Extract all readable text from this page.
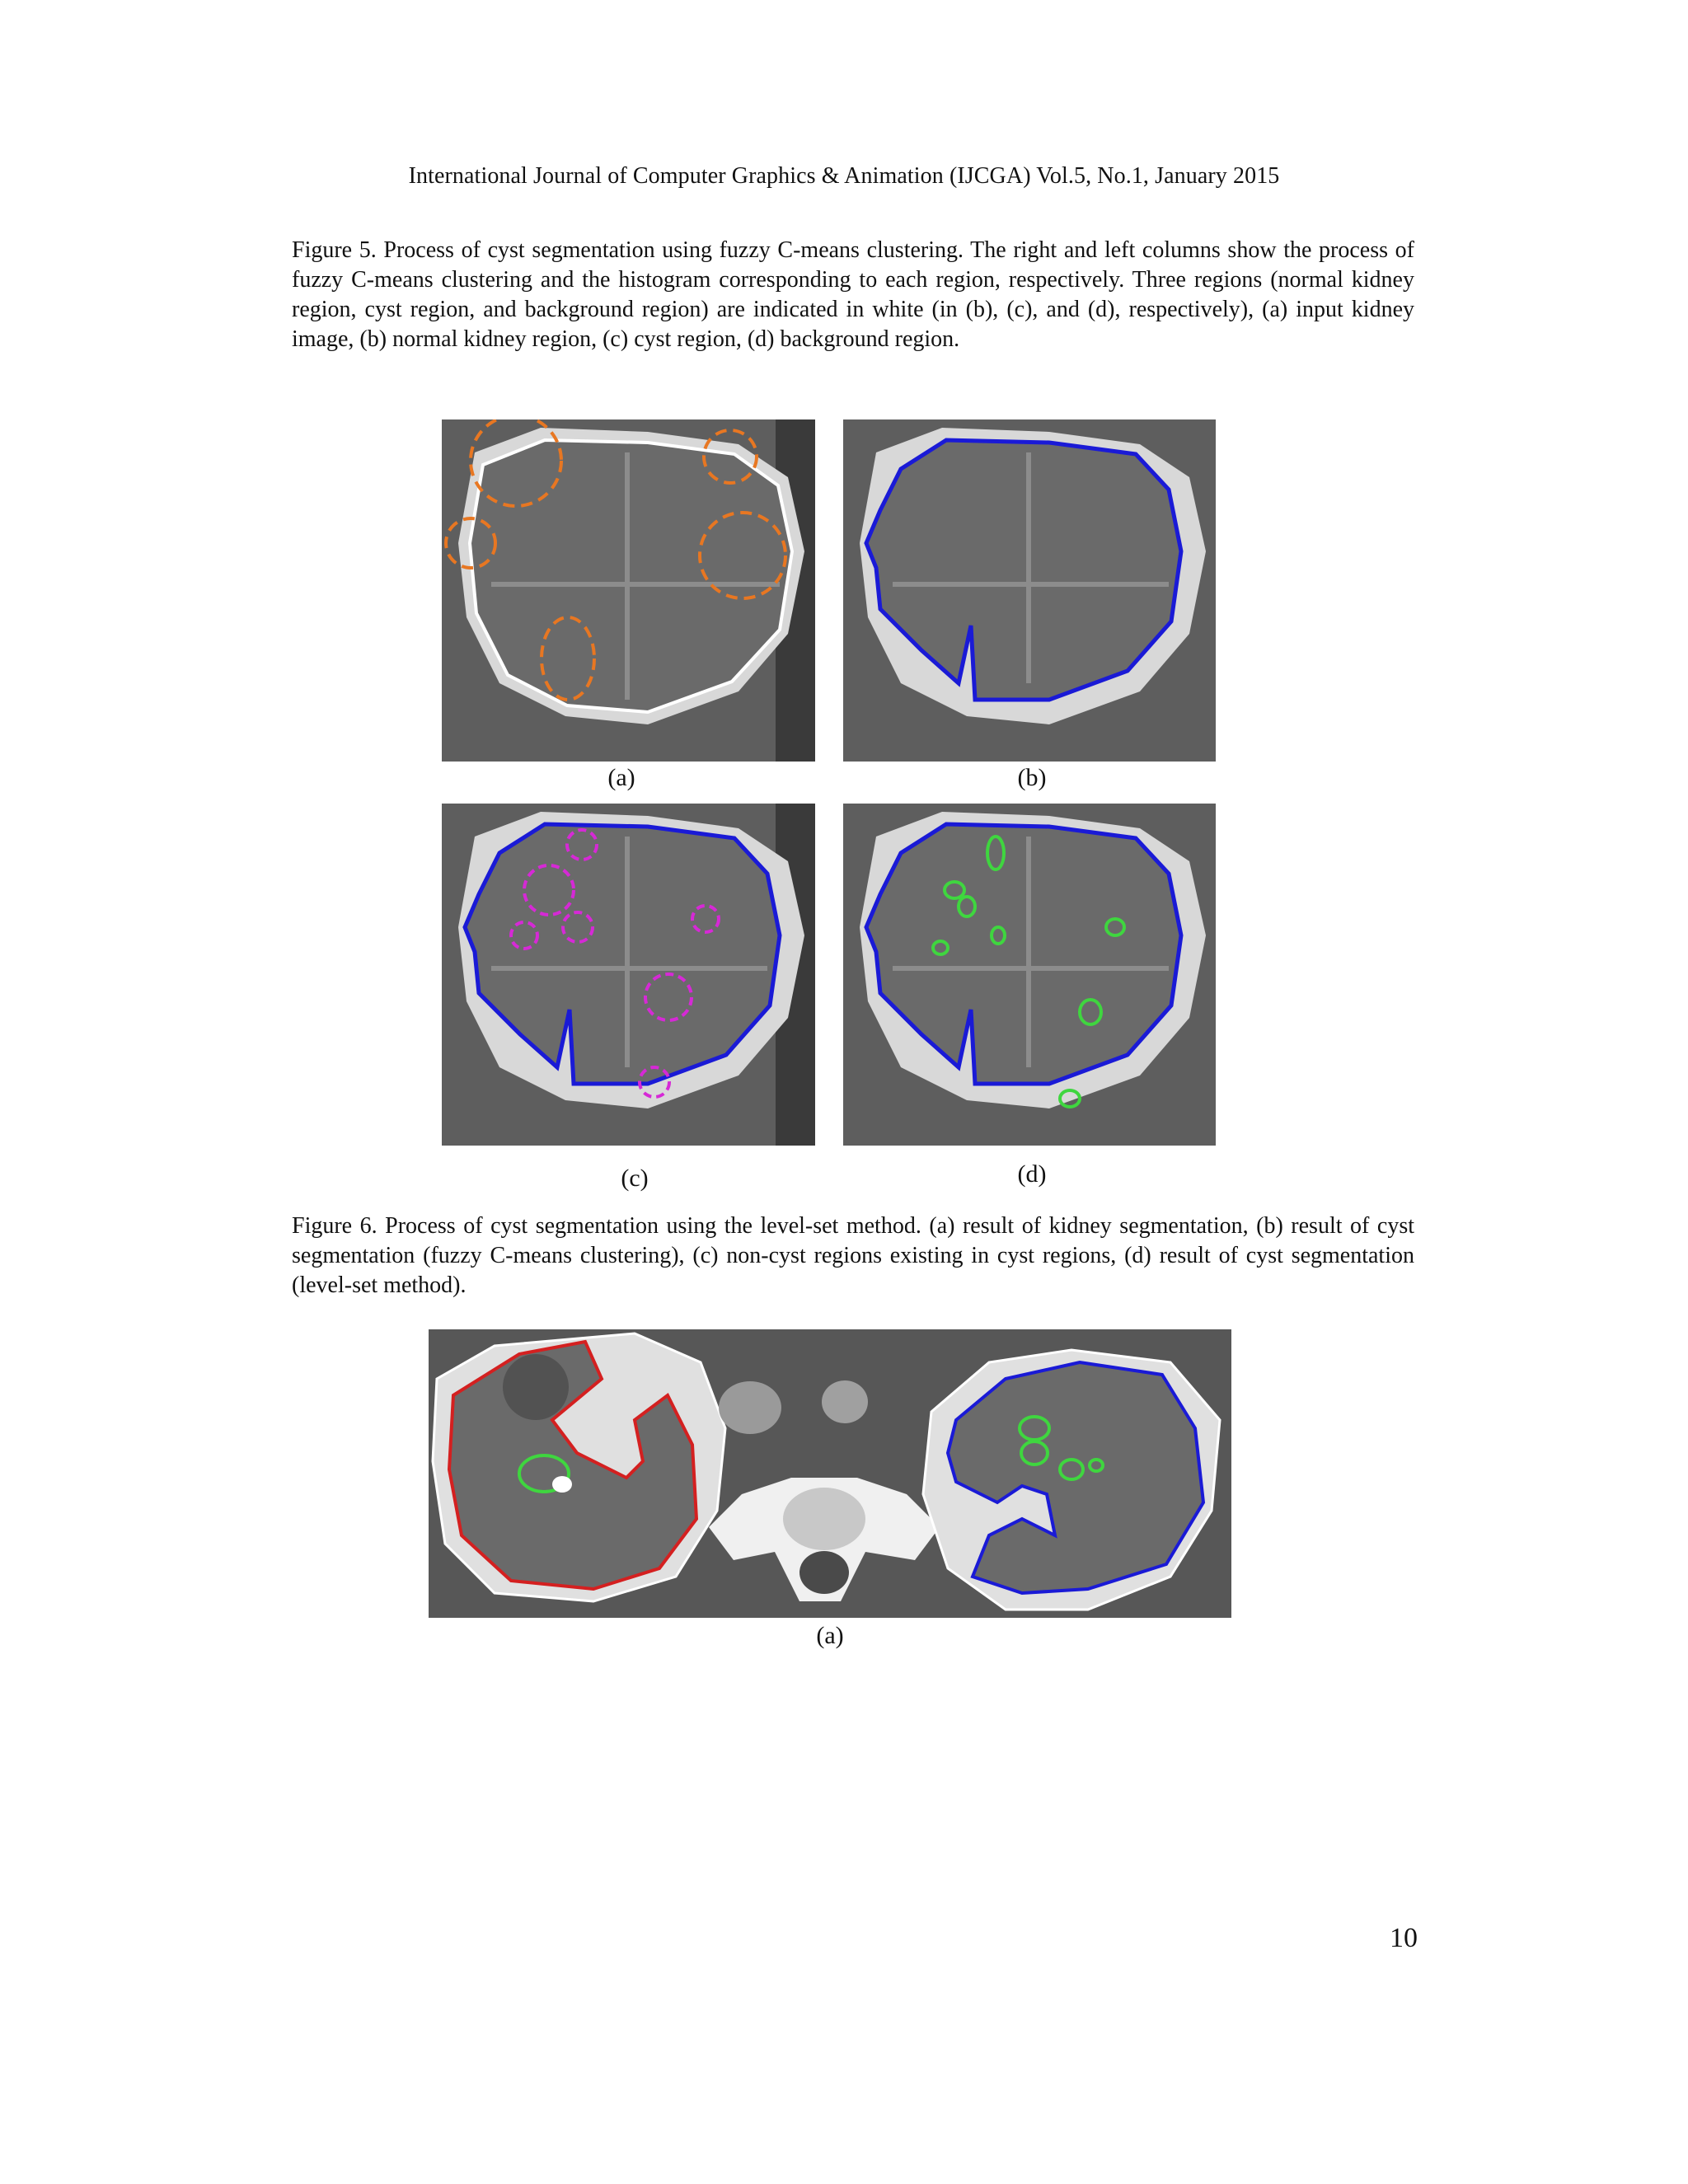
International Journal of Computer Graphics & Animation (IJCGA) Vol.5, No.1, January 2015
Figure 5. Process of cyst segmentation using fuzzy C-means clustering. The right and left columns show the process of fuzzy C-means clustering and the histogram corresponding to each region, respectively. Three regions (normal kidney region, cyst region, and background region) are indicated in white (in (b), (c), and (d), respectively), (a) input kidney image, (b) normal kidney region, (c) cyst region, (d) background region.
(a)	(b)
(c)	(d)
Figure 6. Process of cyst segmentation using the level-set method. (a) result of kidney segmentation, (b) result of cyst segmentation (fuzzy C-means clustering), (c) non-cyst regions existing in cyst regions, (d) result of cyst segmentation (level-set method).
(a)
10
